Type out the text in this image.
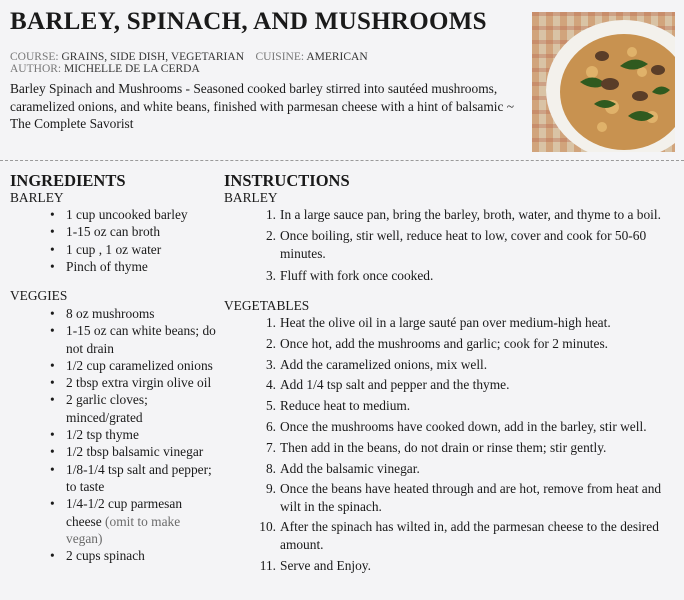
BARLEY, SPINACH, AND MUSHROOMS
COURSE: GRAINS, SIDE DISH, VEGETARIAN CUISINE: AMERICAN
AUTHOR: MICHELLE DE LA CERDA

Barley Spinach and Mushrooms - Seasoned cooked barley stirred into sautéed mushrooms, caramelized onions, and white beans, finished with parmesan cheese with a hint of balsamic ~ The Complete Savorist

INGREDIENTS
BARLEY
• 1 cup uncooked barley
• 1-15 oz can broth
• 1 cup , 1 oz water
• Pinch of thyme
VEGGIES
• 8 oz mushrooms
• 1-15 oz can white beans; do not drain
• 1/2 cup caramelized onions
• 2 tbsp extra virgin olive oil
• 2 garlic cloves; minced/grated
• 1/2 tsp thyme
• 1/2 tbsp balsamic vinegar
• 1/8-1/4 tsp salt and pepper; to taste
• 1/4-1/2 cup parmesan cheese (omit to make vegan)
• 2 cups spinach
INSTRUCTIONS
BARLEY
1. In a large sauce pan, bring the barley, broth, water, and thyme to a boil.
2. Once boiling, stir well, reduce heat to low, cover and cook for 50-60 minutes.
3. Fluff with fork once cooked.
VEGETABLES
1. Heat the olive oil in a large sauté pan over medium-high heat.
2. Once hot, add the mushrooms and garlic; cook for 2 minutes.
3. Add the caramelized onions, mix well.
4. Add 1/4 tsp salt and pepper and the thyme.
5. Reduce heat to medium.
6. Once the mushrooms have cooked down, add in the barley, stir well.
7. Then add in the beans, do not drain or rinse them; stir gently.
8. Add the balsamic vinegar.
9. Once the beans have heated through and are hot, remove from heat and wilt in the spinach.
10. After the spinach has wilted in, add the parmesan cheese to the desired amount.
11. Serve and Enjoy.
